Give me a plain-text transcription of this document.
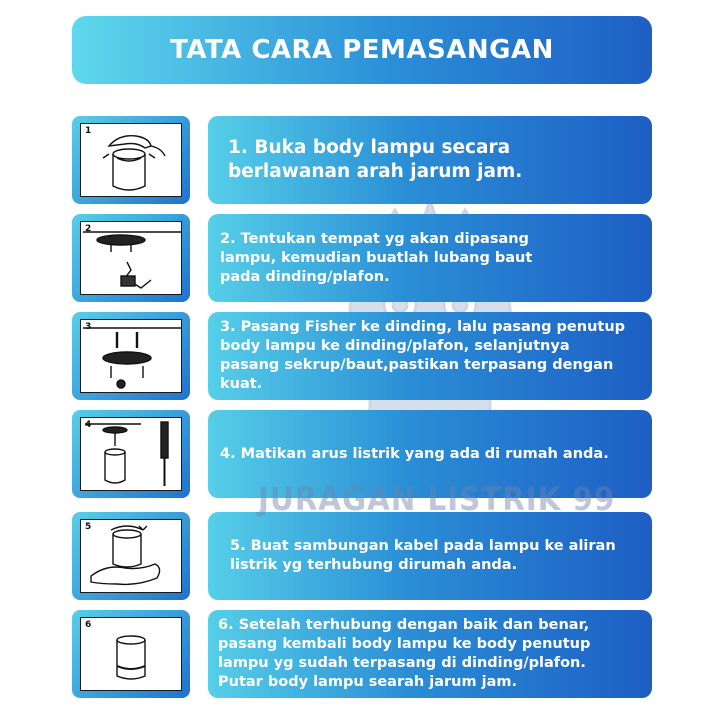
TATA CARA PEMASANGAN
1
1. Buka body lampu secara
berlawanan arah jarum jam.
2
2. Tentukan tempat yg akan dipasang
lampu, kemudian buatlah lubang baut
pada dinding/plafon.
3	3. Pasang Fisher ke dinding, lalu pasang penutup
body lampu ke dinding/plafon, selanjutnya
pasang sekrup/baut,pastikan terpasang dengan
kuat.
4
4. Matikan arus listrik yang ada di rumah anda.
5
5. Buat sambungan kabel pada lampu ke aliran
listrik yg terhubung dirumah anda.
6	6. Setelah terhubung dengan baik dan benar,
pasang kembali body lampu ke body penutup
lampu yg sudah terpasang di dinding/plafon.
Putar body lampu searah jarum jam.
JURAGAN LISTRIK 99
